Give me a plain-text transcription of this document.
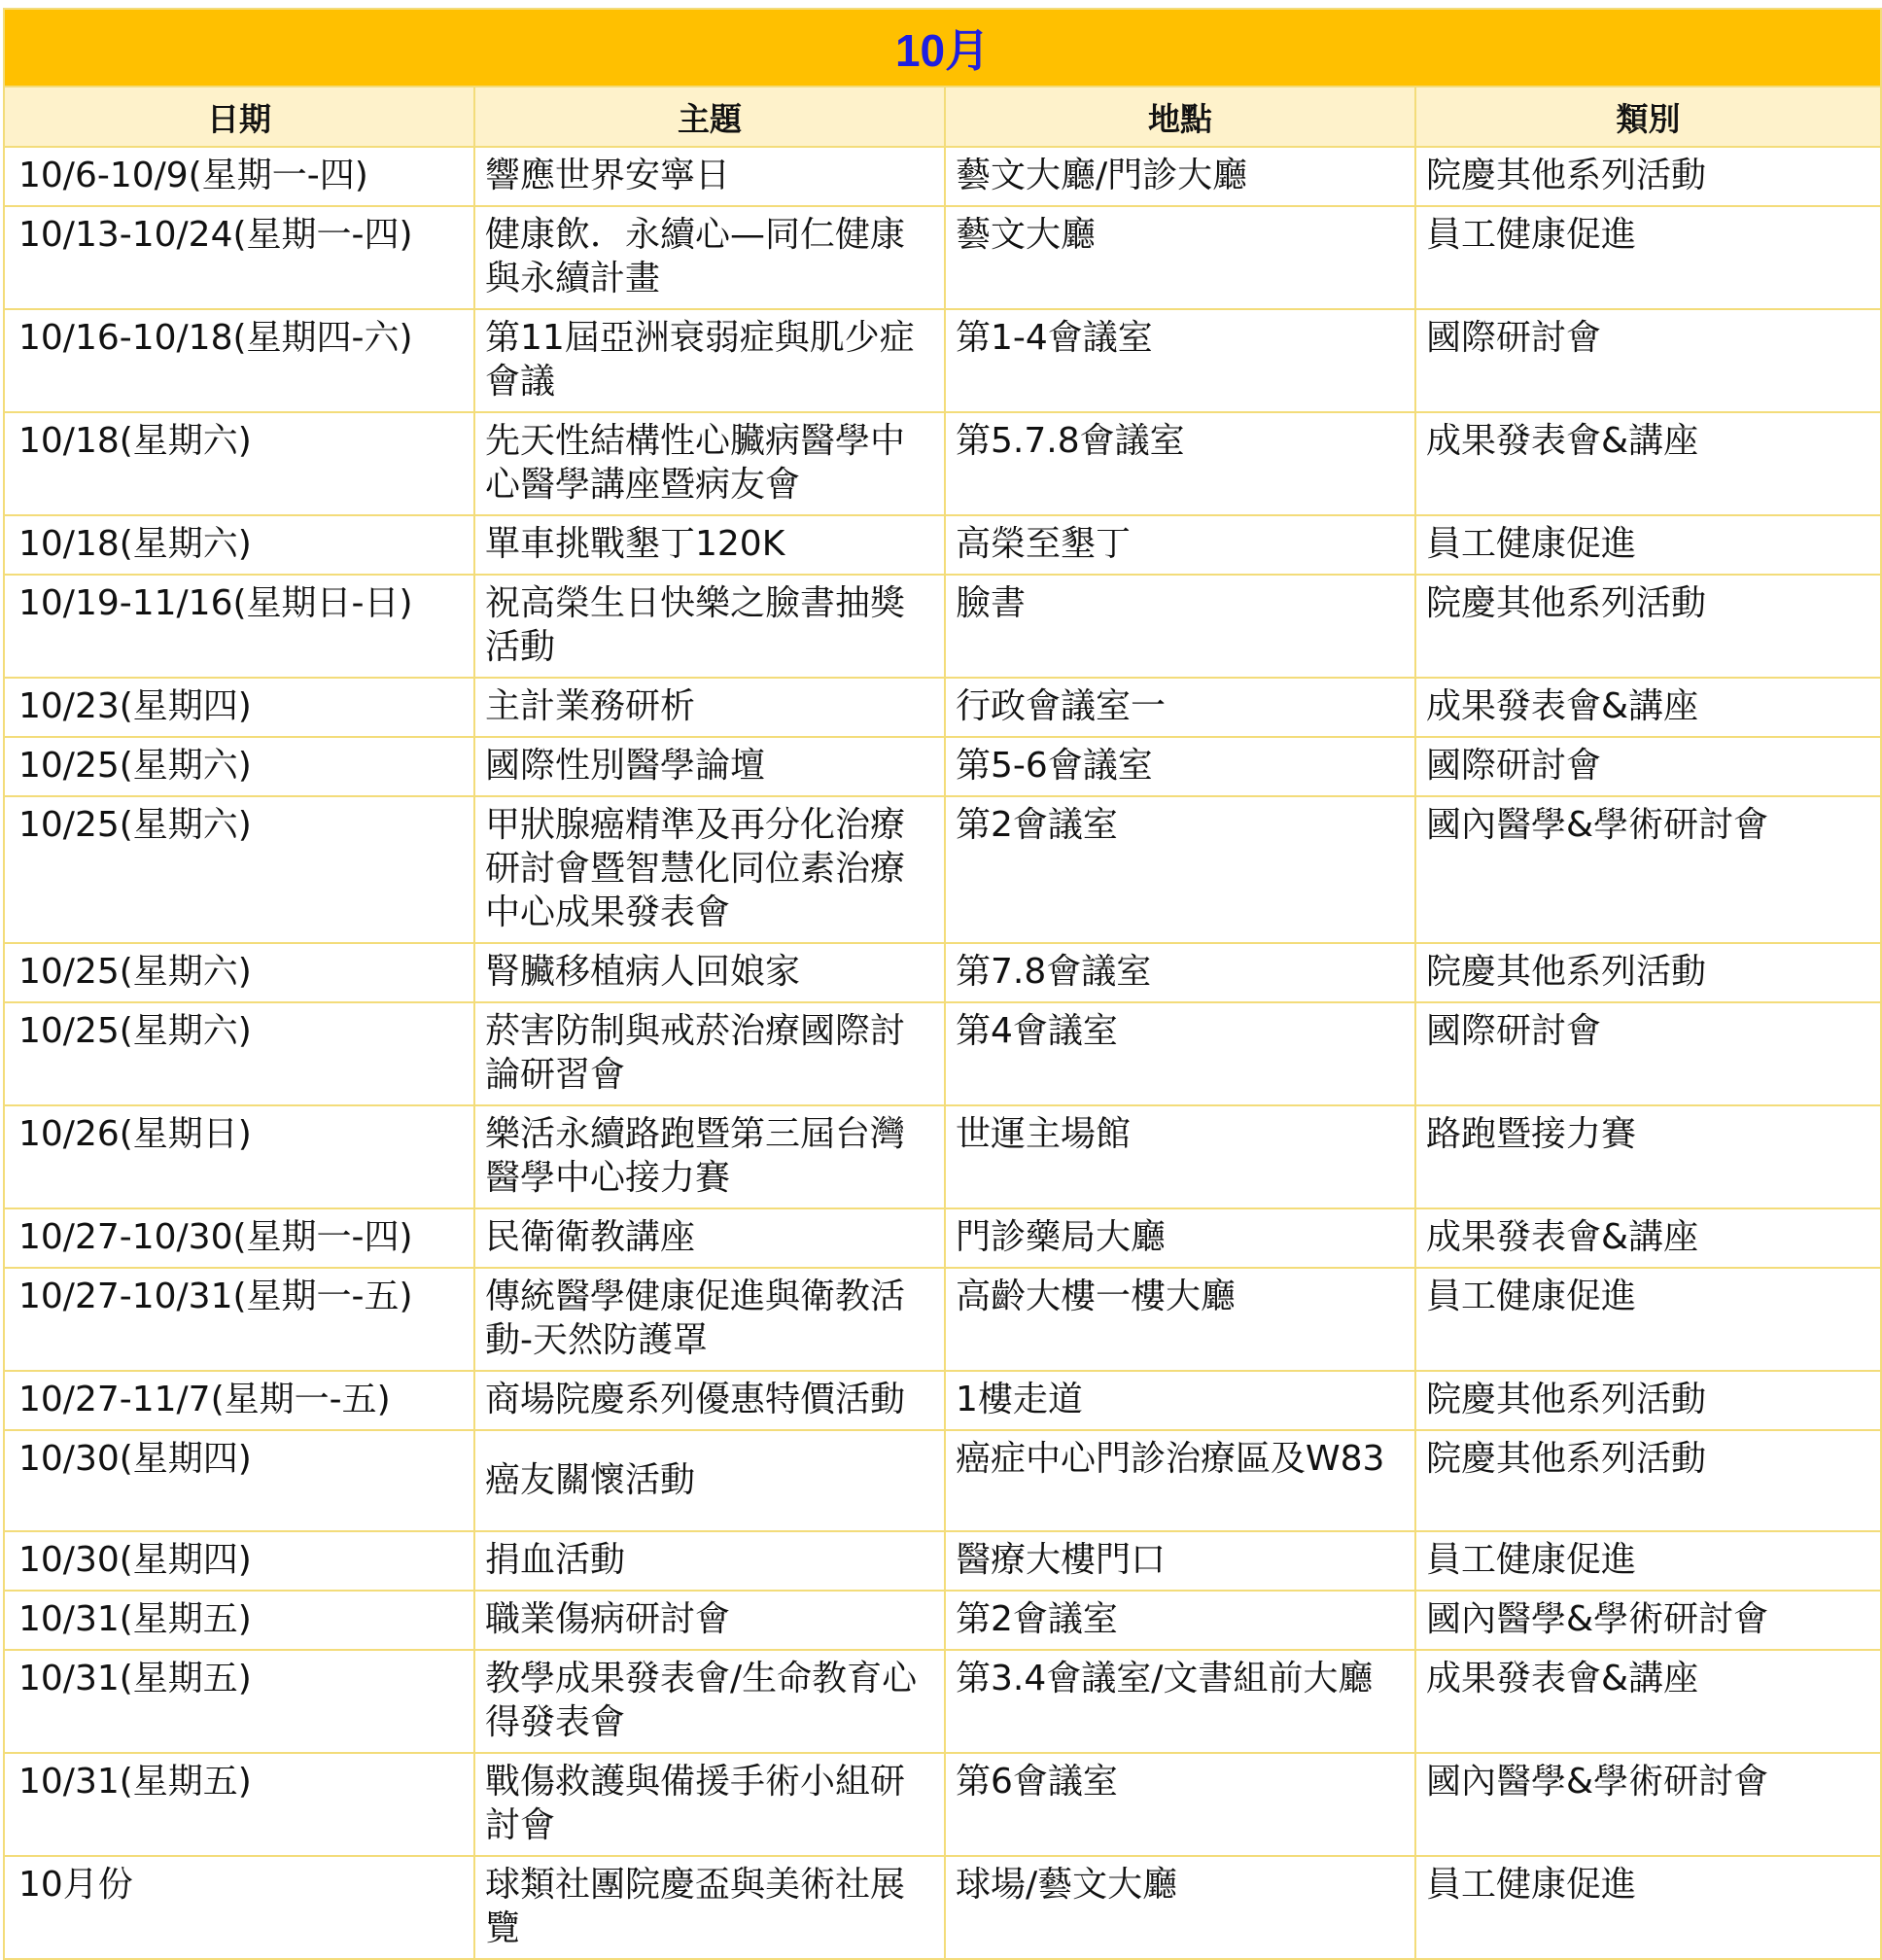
10月			
日期	主題	地點	類別
10/6-10/9(星期一-四)	響應世界安寧日	藝文大廳/門診大廳	院慶其他系列活動
10/13-10/24(星期一-四)	健康飲．永續心—同仁健康與永續計畫	藝文大廳	員工健康促進
10/16-10/18(星期四-六)	第11屆亞洲衰弱症與肌少症會議	第1-4會議室	國際研討會
10/18(星期六)	先天性結構性心臟病醫學中心醫學講座暨病友會	第5.7.8會議室	成果發表會&講座
10/18(星期六)	單車挑戰墾丁120K	高榮至墾丁	員工健康促進
10/19-11/16(星期日-日)	祝高榮生日快樂之臉書抽獎活動	臉書	院慶其他系列活動
10/23(星期四)	主計業務研析	行政會議室一	成果發表會&講座
10/25(星期六)	國際性別醫學論壇	第5-6會議室	國際研討會
10/25(星期六)	甲狀腺癌精準及再分化治療研討會暨智慧化同位素治療中心成果發表會	第2會議室	國內醫學&學術研討會
10/25(星期六)	腎臟移植病人回娘家	第7.8會議室	院慶其他系列活動
10/25(星期六)	菸害防制與戒菸治療國際討論研習會	第4會議室	國際研討會
10/26(星期日)	樂活永續路跑暨第三屆台灣醫學中心接力賽	世運主場館	路跑暨接力賽
10/27-10/30(星期一-四)	民衛衛教講座	門診藥局大廳	成果發表會&講座
10/27-10/31(星期一-五)	傳統醫學健康促進與衛教活動-天然防護罩	高齡大樓一樓大廳	員工健康促進
10/27-11/7(星期一-五)	商場院慶系列優惠特價活動	1樓走道	院慶其他系列活動
10/30(星期四)	癌友關懷活動	癌症中心門診治療區及W83	院慶其他系列活動
10/30(星期四)	捐血活動	醫療大樓門口	員工健康促進
10/31(星期五)	職業傷病研討會	第2會議室	國內醫學&學術研討會
10/31(星期五)	教學成果發表會/生命教育心得發表會	第3.4會議室/文書組前大廳	成果發表會&講座
10/31(星期五)	戰傷救護與備援手術小組研討會	第6會議室	國內醫學&學術研討會
10月份	球類社團院慶盃與美術社展覽	球場/藝文大廳	員工健康促進
